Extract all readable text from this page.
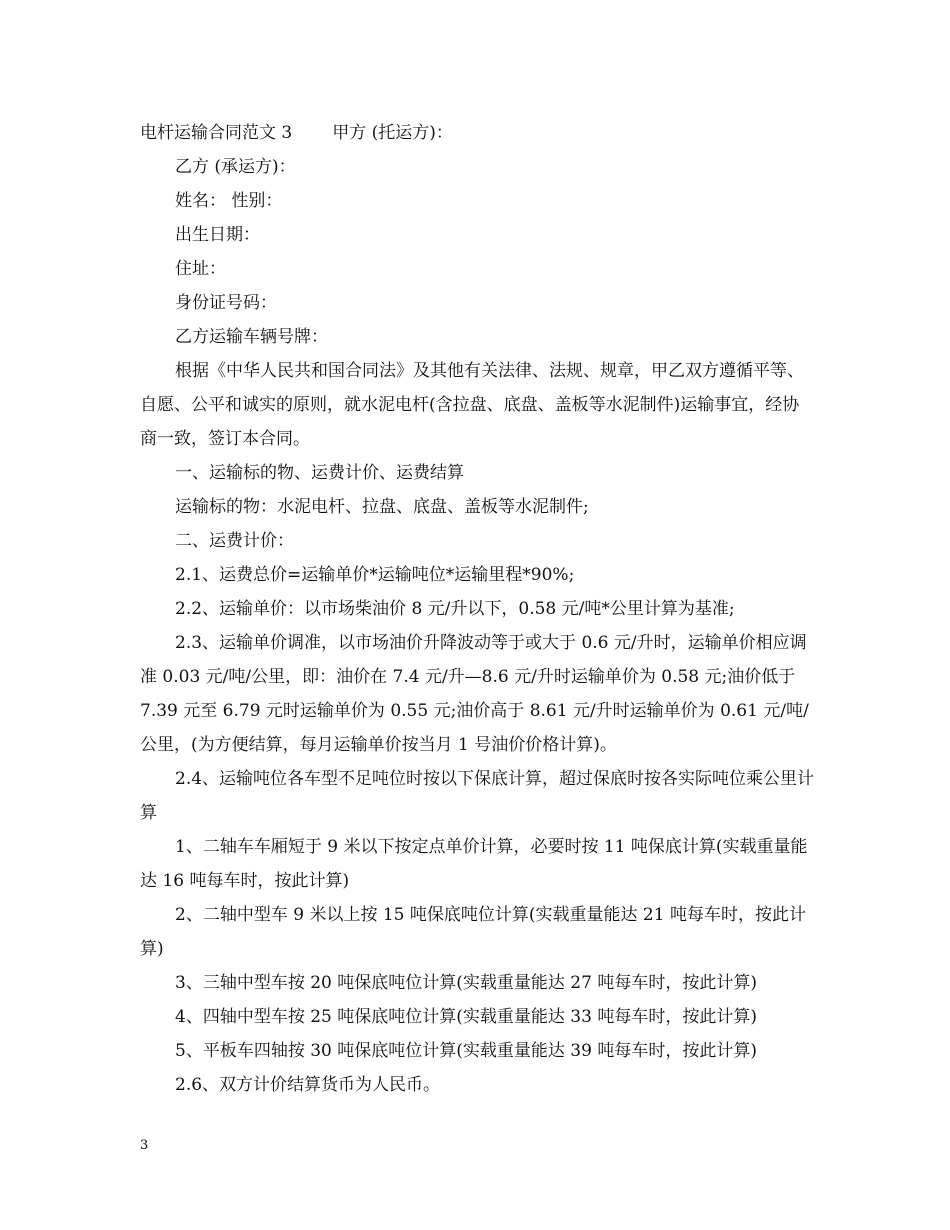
电杆运输合同范文 3 甲方 (托运方)：

乙方 (承运方)：

姓名： 性别：

出生日期：

住址：

身份证号码：

乙方运输车辆号牌：

根据《中华人民共和国合同法》及其他有关法律、法规、规章，甲乙双方遵循平等、自愿、公平和诚实的原则，就水泥电杆(含拉盘、底盘、盖板等水泥制件)运输事宜，经协商一致，签订本合同。

一、运输标的物、运费计价、运费结算

运输标的物：水泥电杆、拉盘、底盘、盖板等水泥制件;

二、运费计价：

2.1、运费总价=运输单价*运输吨位*运输里程*90%;

2.2、运输单价：以市场柴油价 8 元/升以下，0.58 元/吨*公里计算为基准;

2.3、运输单价调准，以市场油价升降波动等于或大于 0.6 元/升时，运输单价相应调准 0.03 元/吨/公里，即：油价在 7.4 元/升—8.6 元/升时运输单价为 0.58 元;油价低于 7.39 元至 6.79 元时运输单价为 0.55 元;油价高于 8.61 元/升时运输单价为 0.61 元/吨/公里，(为方便结算，每月运输单价按当月 1 号油价价格计算)。

2.4、运输吨位各车型不足吨位时按以下保底计算，超过保底时按各实际吨位乘公里计算

1、二轴车车厢短于 9 米以下按定点单价计算，必要时按 11 吨保底计算(实载重量能达 16 吨每车时，按此计算)

2、二轴中型车 9 米以上按 15 吨保底吨位计算(实载重量能达 21 吨每车时，按此计算)

3、三轴中型车按 20 吨保底吨位计算(实载重量能达 27 吨每车时，按此计算)

4、四轴中型车按 25 吨保底吨位计算(实载重量能达 33 吨每车时，按此计算)

5、平板车四轴按 30 吨保底吨位计算(实载重量能达 39 吨每车时，按此计算)

2.6、双方计价结算货币为人民币。

3
